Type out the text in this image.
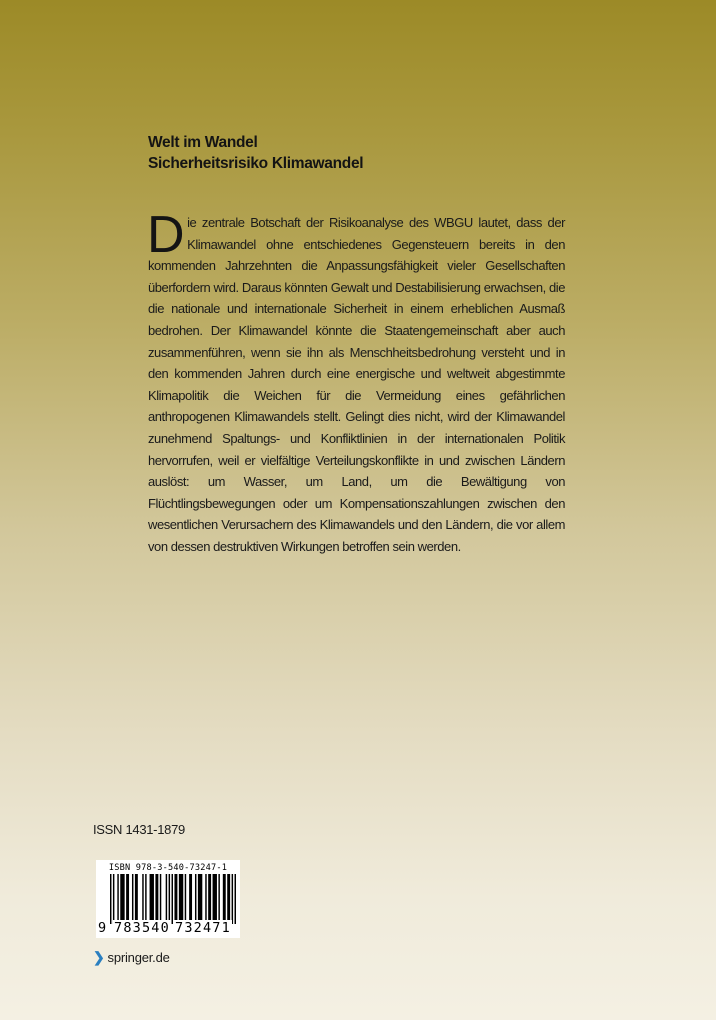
Welt im Wandel
Sicherheitsrisiko Klimawandel
Die zentrale Botschaft der Risikoanalyse des WBGU lautet, dass der Klimawandel ohne entschiedenes Gegensteuern bereits in den kommenden Jahrzehnten die Anpassungsfähigkeit vieler Gesellschaften überfordern wird. Daraus könnten Gewalt und Destabilisierung erwachsen, die die nationale und internationale Sicherheit in einem erheblichen Ausmaß bedrohen. Der Klimawandel könnte die Staatengemeinschaft aber auch zusammenführen, wenn sie ihn als Menschheitsbedrohung versteht und in den kommenden Jahren durch eine energische und weltweit abgestimmte Klimapolitik die Weichen für die Vermeidung eines gefährlichen anthropogenen Klimawandels stellt. Gelingt dies nicht, wird der Klimawandel zunehmend Spaltungs- und Konfliktlinien in der internationalen Politik hervorrufen, weil er vielfältige Verteilungskonflikte in und zwischen Ländern auslöst: um Wasser, um Land, um die Bewältigung von Flüchtlingsbewegungen oder um Kompensationszahlungen zwischen den wesentlichen Verursachern des Klimawandels und den Ländern, die vor allem von dessen destruktiven Wirkungen betroffen sein werden.
ISSN 1431-1879
ISBN 978-3-540-73247-1
9 783540 732471
❯ springer.de
